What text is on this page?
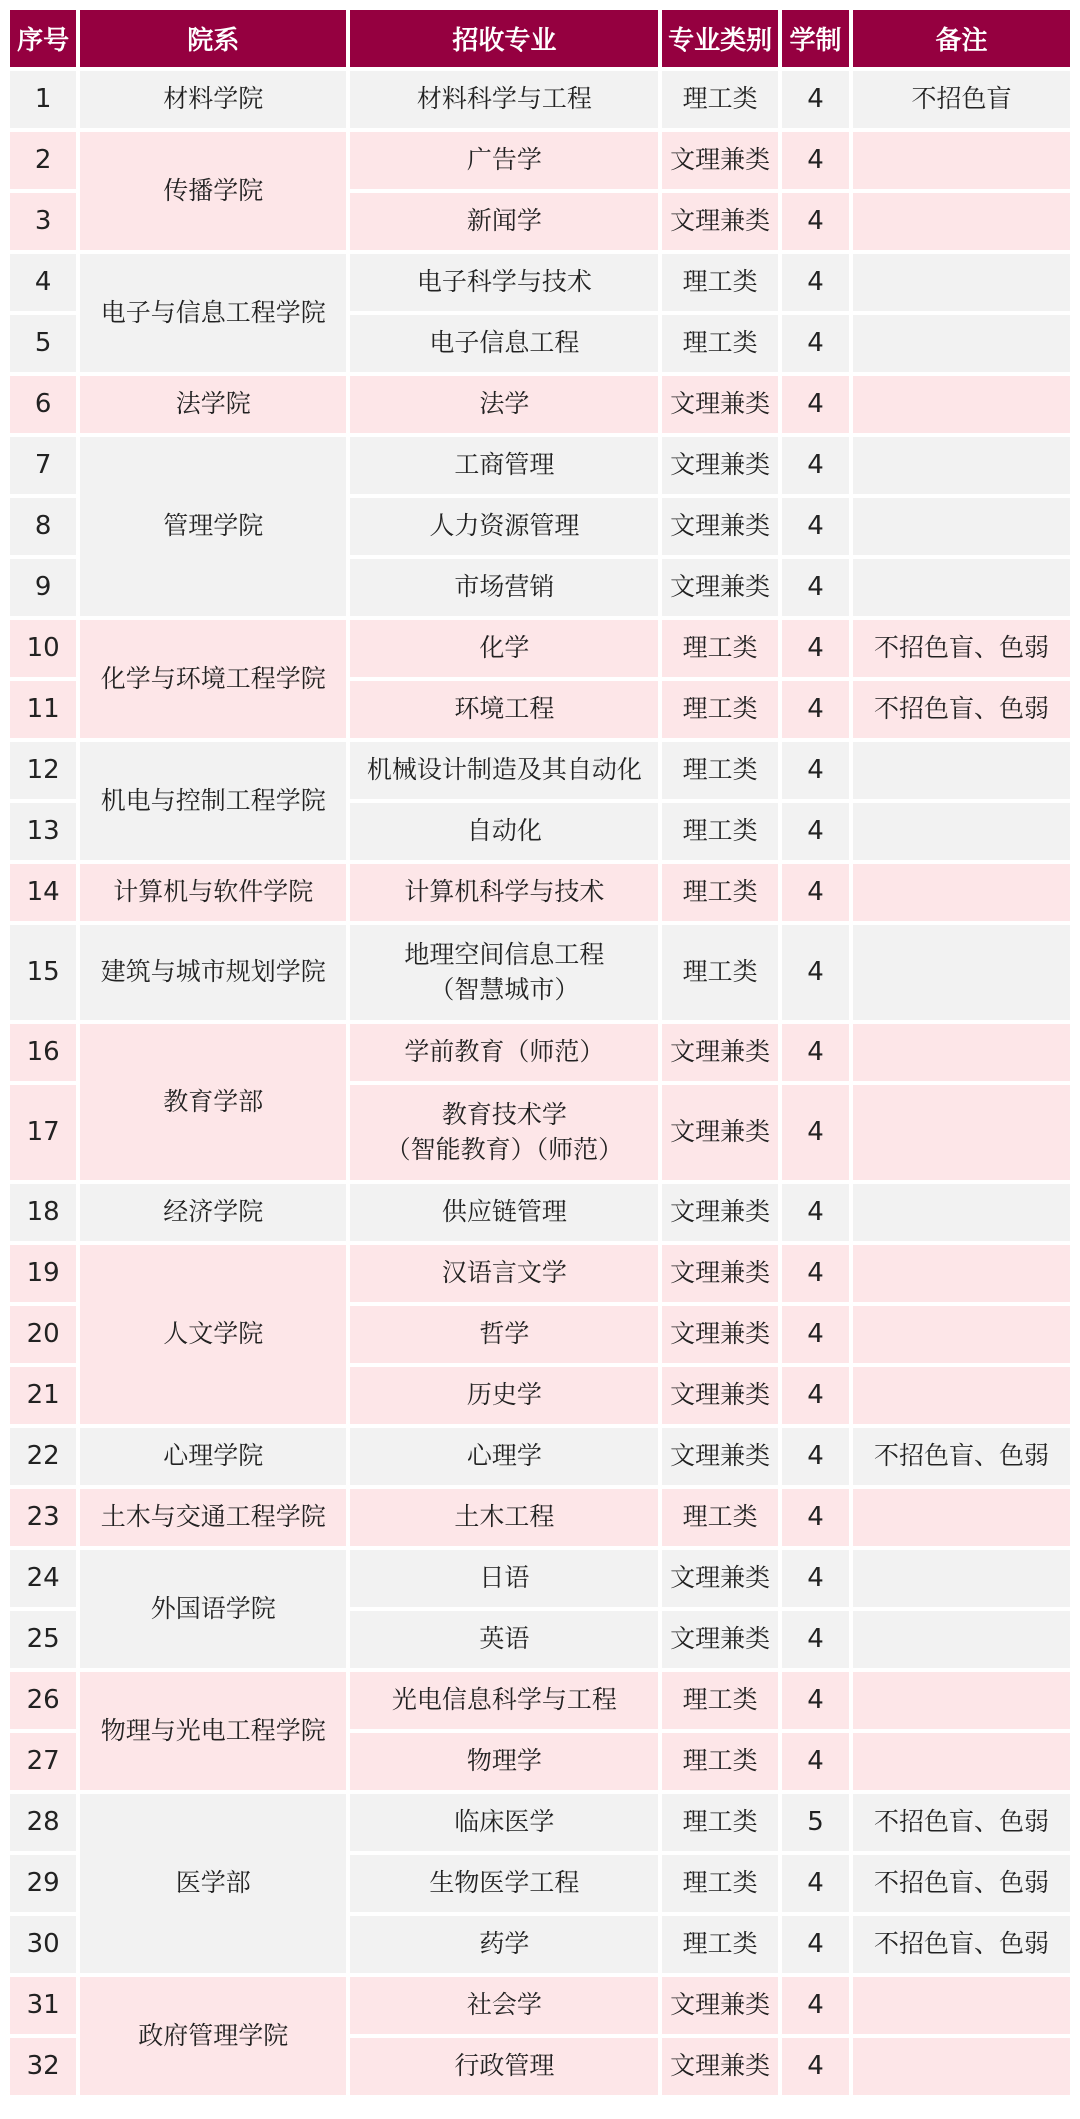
序号	院系	招收专业	专业类别	学制	备注
1	材料学院	材料科学与工程	理工类	4	不招色盲
2	传播学院	广告学	文理兼类	4	
3		新闻学	文理兼类	4	
4	电子与信息工程学院	电子科学与技术	理工类	4	
5		电子信息工程	理工类	4	
6	法学院	法学	文理兼类	4	
7	管理学院	工商管理	文理兼类	4	
8		人力资源管理	文理兼类	4	
9		市场营销	文理兼类	4	
10	化学与环境工程学院	化学	理工类	4	不招色盲、色弱
11		环境工程	理工类	4	不招色盲、色弱
12	机电与控制工程学院	机械设计制造及其自动化	理工类	4	
13		自动化	理工类	4	
14	计算机与软件学院	计算机科学与技术	理工类	4	
15	建筑与城市规划学院	地理空间信息工程
（智慧城市）	理工类	4	
16	教育学部	学前教育（师范）	文理兼类	4	
17		教育技术学
（智能教育）（师范）	文理兼类	4	
18	经济学院	供应链管理	文理兼类	4	
19	人文学院	汉语言文学	文理兼类	4	
20		哲学	文理兼类	4	
21		历史学	文理兼类	4	
22	心理学院	心理学	文理兼类	4	不招色盲、色弱
23	土木与交通工程学院	土木工程	理工类	4	
24	外国语学院	日语	文理兼类	4	
25		英语	文理兼类	4	
26	物理与光电工程学院	光电信息科学与工程	理工类	4	
27		物理学	理工类	4	
28	医学部	临床医学	理工类	5	不招色盲、色弱
29		生物医学工程	理工类	4	不招色盲、色弱
30		药学	理工类	4	不招色盲、色弱
31	政府管理学院	社会学	文理兼类	4	
32		行政管理	文理兼类	4	
